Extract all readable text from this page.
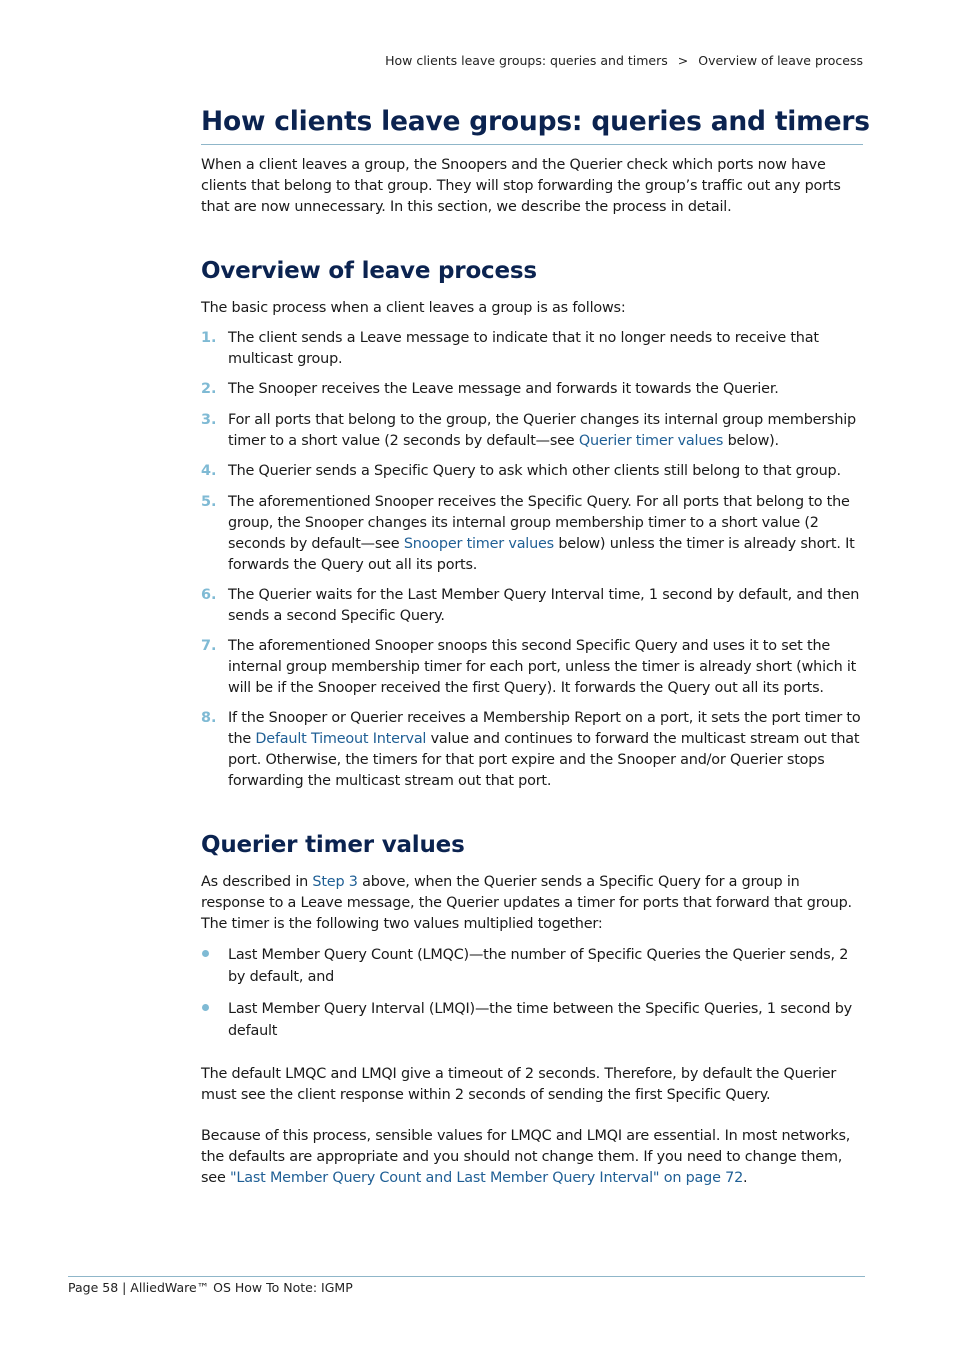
How clients leave groups: queries and timers > Overview of leave process
How clients leave groups: queries and timers

When a client leaves a group, the Snoopers and the Querier check which ports now have clients that belong to that group. They will stop forwarding the group’s traffic out any ports that are now unnecessary. In this section, we describe the process in detail.

Overview of leave process

The basic process when a client leaves a group is as follows:

1. The client sends a Leave message to indicate that it no longer needs to receive that multicast group.
2. The Snooper receives the Leave message and forwards it towards the Querier.
3. For all ports that belong to the group, the Querier changes its internal group membership timer to a short value (2 seconds by default—see Querier timer values below).
4. The Querier sends a Specific Query to ask which other clients still belong to that group.
5. The aforementioned Snooper receives the Specific Query. For all ports that belong to the group, the Snooper changes its internal group membership timer to a short value (2 seconds by default—see Snooper timer values below) unless the timer is already short. It forwards the Query out all its ports.
6. The Querier waits for the Last Member Query Interval time, 1 second by default, and then sends a second Specific Query.
7. The aforementioned Snooper snoops this second Specific Query and uses it to set the internal group membership timer for each port, unless the timer is already short (which it will be if the Snooper received the first Query). It forwards the Query out all its ports.
8. If the Snooper or Querier receives a Membership Report on a port, it sets the port timer to the Default Timeout Interval value and continues to forward the multicast stream out that port. Otherwise, the timers for that port expire and the Snooper and/or Querier stops forwarding the multicast stream out that port.
Querier timer values

As described in Step 3 above, when the Querier sends a Specific Query for a group in response to a Leave message, the Querier updates a timer for ports that forward that group. The timer is the following two values multiplied together:

Last Member Query Count (LMQC)—the number of Specific Queries the Querier sends, 2 by default, and
Last Member Query Interval (LMQI)—the time between the Specific Queries, 1 second by default

The default LMQC and LMQI give a timeout of 2 seconds. Therefore, by default the Querier must see the client response within 2 seconds of sending the first Specific Query.

Because of this process, sensible values for LMQC and LMQI are essential. In most networks, the defaults are appropriate and you should not change them. If you need to change them, see "Last Member Query Count and Last Member Query Interval" on page 72.

Page 58 | AlliedWare™ OS How To Note: IGMP
